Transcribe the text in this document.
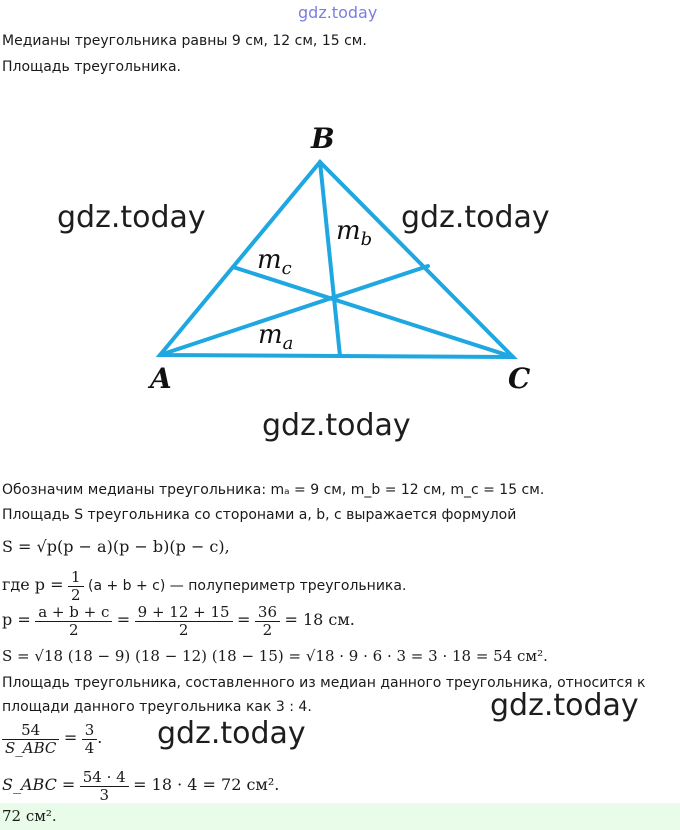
gdz.today
Медианы треугольника равны 9 см, 12 см, 15 см.
Площадь треугольника.
B
A	C
$m_b$
$m_c$
$m_a$
gdz.today	gdz.today
gdz.today
Обозначим медианы треугольника: mₐ = 9 см, m_b = 12 см, m_c = 15 см.
Площадь S треугольника со сторонами a, b, c выражается формулой
S = √p(p − a)(p − b)(p − c),
где $p = \frac{1}{2} (a + b + c)$ — полупериметр треугольника.
$p = \frac{a + b + c}{2} = \frac{9 + 12 + 15}{2} = \frac{36}{2} = 18$ см.
S = √18 (18 − 9) (18 − 12) (18 − 15) = √18 · 9 · 6 · 3 = 3 · 18 = 54 см².
Площадь треугольника, составленного из медиан данного треугольника, относится к
площади данного треугольника как 3 : 4.	gdz.today
gdz.today
$\frac{54}{\text{S\_ABC}} = \frac{3}{4}$ .
S_ABC = $\frac{54 \cdot 4}{3} = 18 \cdot 4 = 72$ см².
72 см².
